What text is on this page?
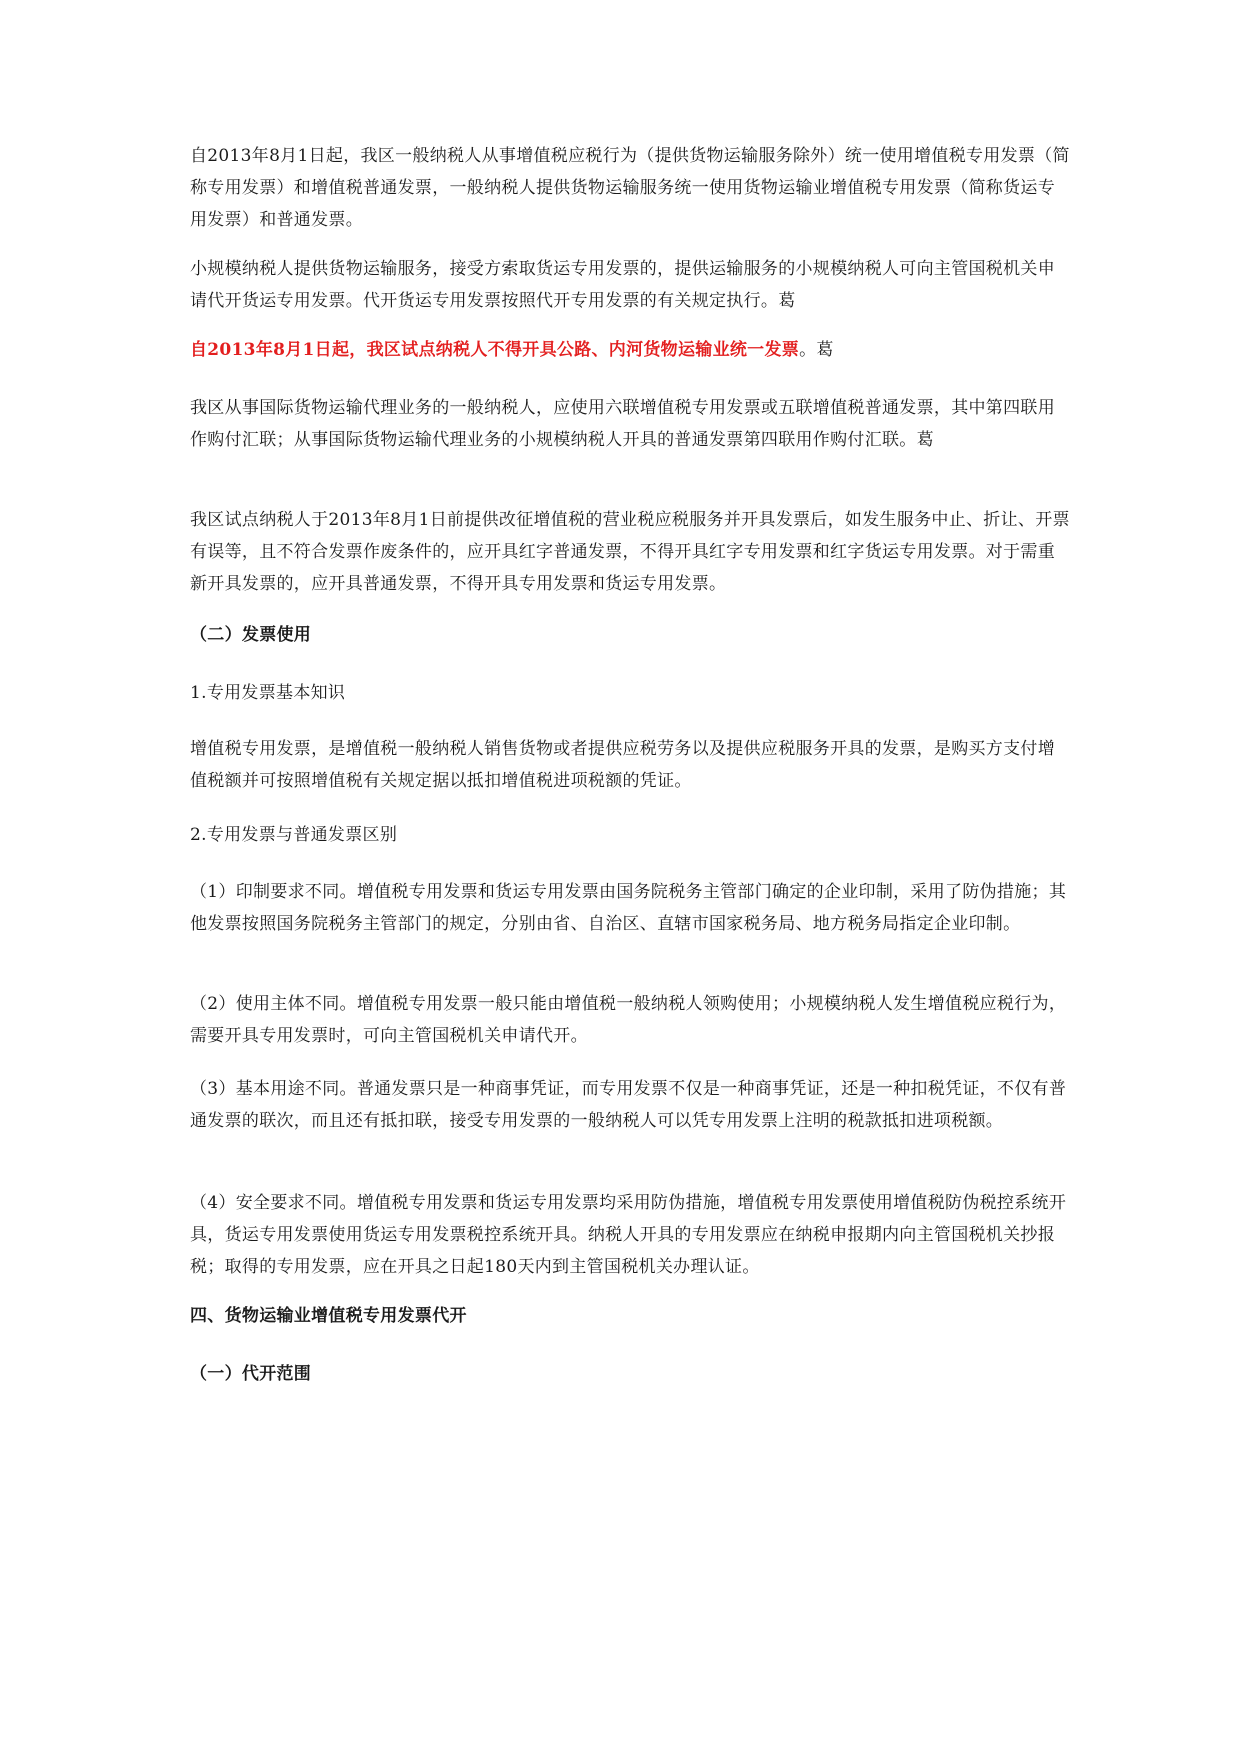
自2013年8月1日起，我区一般纳税人从事增值税应税行为（提供货物运输服务除外）统一使用增值税专用发票（简称专用发票）和增值税普通发票，一般纳税人提供货物运输服务统一使用货物运输业增值税专用发票（简称货运专用发票）和普通发票。

小规模纳税人提供货物运输服务，接受方索取货运专用发票的，提供运输服务的小规模纳税人可向主管国税机关申请代开货运专用发票。代开货运专用发票按照代开专用发票的有关规定执行。葛

自2013年8月1日起，我区试点纳税人不得开具公路、内河货物运输业统一发票。葛

我区从事国际货物运输代理业务的一般纳税人，应使用六联增值税专用发票或五联增值税普通发票，其中第四联用作购付汇联；从事国际货物运输代理业务的小规模纳税人开具的普通发票第四联用作购付汇联。葛

我区试点纳税人于2013年8月1日前提供改征增值税的营业税应税服务并开具发票后，如发生服务中止、折让、开票有误等，且不符合发票作废条件的，应开具红字普通发票，不得开具红字专用发票和红字货运专用发票。对于需重新开具发票的，应开具普通发票，不得开具专用发票和货运专用发票。

（二）发票使用

1.专用发票基本知识

增值税专用发票，是增值税一般纳税人销售货物或者提供应税劳务以及提供应税服务开具的发票，是购买方支付增值税额并可按照增值税有关规定据以抵扣增值税进项税额的凭证。

2.专用发票与普通发票区别

（1）印制要求不同。增值税专用发票和货运专用发票由国务院税务主管部门确定的企业印制，采用了防伪措施；其他发票按照国务院税务主管部门的规定，分别由省、自治区、直辖市国家税务局、地方税务局指定企业印制。

（2）使用主体不同。增值税专用发票一般只能由增值税一般纳税人领购使用；小规模纳税人发生增值税应税行为，需要开具专用发票时，可向主管国税机关申请代开。

（3）基本用途不同。普通发票只是一种商事凭证，而专用发票不仅是一种商事凭证，还是一种扣税凭证，不仅有普通发票的联次，而且还有抵扣联，接受专用发票的一般纳税人可以凭专用发票上注明的税款抵扣进项税额。

（4）安全要求不同。增值税专用发票和货运专用发票均采用防伪措施，增值税专用发票使用增值税防伪税控系统开具，货运专用发票使用货运专用发票税控系统开具。纳税人开具的专用发票应在纳税申报期内向主管国税机关抄报税；取得的专用发票，应在开具之日起180天内到主管国税机关办理认证。

四、货物运输业增值税专用发票代开

（一）代开范围
